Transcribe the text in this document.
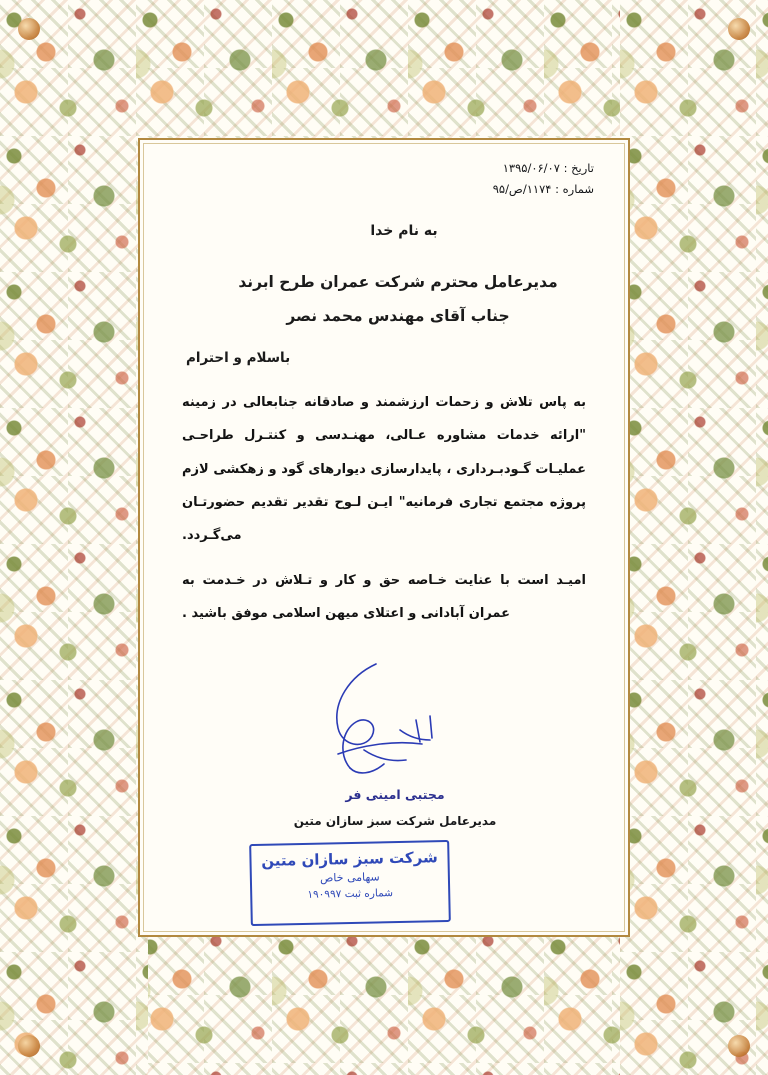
تاریخ : ۱۳۹۵/۰۶/۰۷
شماره : ۱۱۷۴/ص/۹۵
به نام خدا
مدیرعامل محترم شرکت عمران طرح ابرند
جناب آقای مهندس محمد نصر
باسلام و احترام

به پاس تلاش و زحمات ارزشمند و صادقانه جنابعالی در زمینه "ارائه خدمات مشاوره عـالی، مهنـدسی و کنتـرل طراحـی عملیـات گـودبـرداری ، پایدارسازی دیوارهای گود و زهکشی لازم پروژه مجتمع تجاری فرمانیه" ایـن لـوح تقدیر تقدیم حضورتـان می‌گـردد.

امیـد است با عنایت خـاصه حق و کار و تـلاش در خـدمت به عمران آبادانی و اعتلای میهن اسلامی موفق باشید .

مجتبی امینی فر
مدیرعامل شرکت سبز سازان متین
شرکت سبز سازان متین
سهامی خاص
شماره ثبت ۱۹۰۹۹۷
